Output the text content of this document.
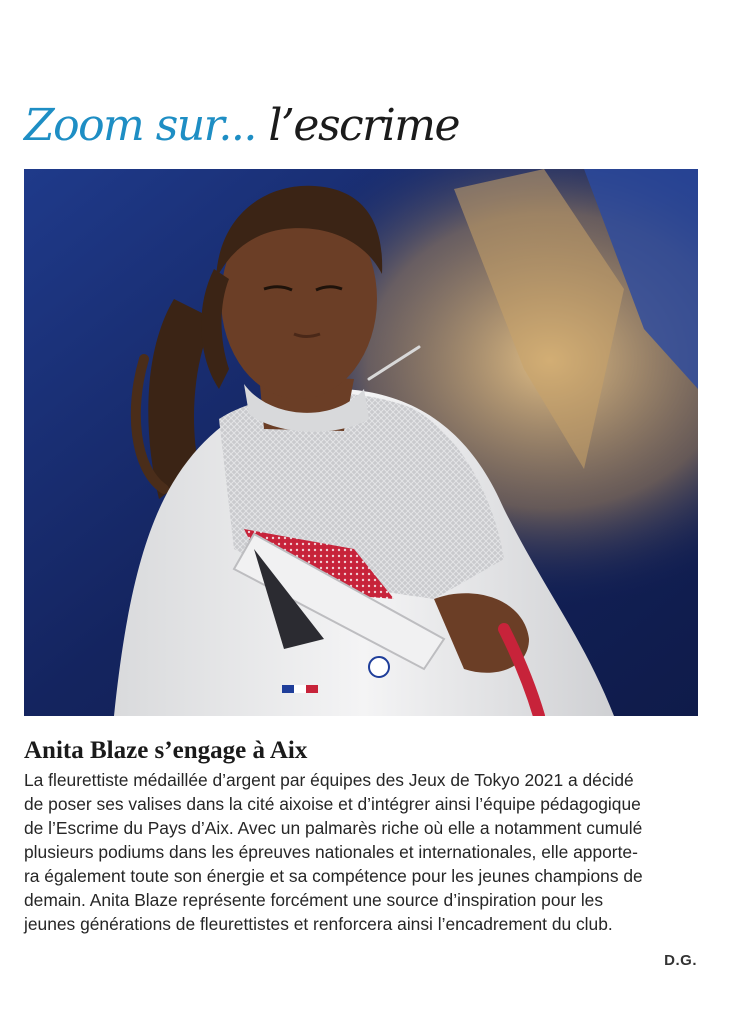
Zoom sur... l’escrime
Anita Blaze s’engage à Aix

La fleurettiste médaillée d’argent par équipes des Jeux de Tokyo 2021 a décidé
de poser ses valises dans la cité aixoise et d’intégrer ainsi l’équipe pédagogique
de l’Escrime du Pays d’Aix. Avec un palmarès riche où elle a notamment cumulé
plusieurs podiums dans les épreuves nationales et internationales, elle apporte-
ra également toute son énergie et sa compétence pour les jeunes champions de
demain. Anita Blaze représente forcément une source d’inspiration pour les
jeunes générations de fleurettistes et renforcera ainsi l’encadrement du club.

D.G.
